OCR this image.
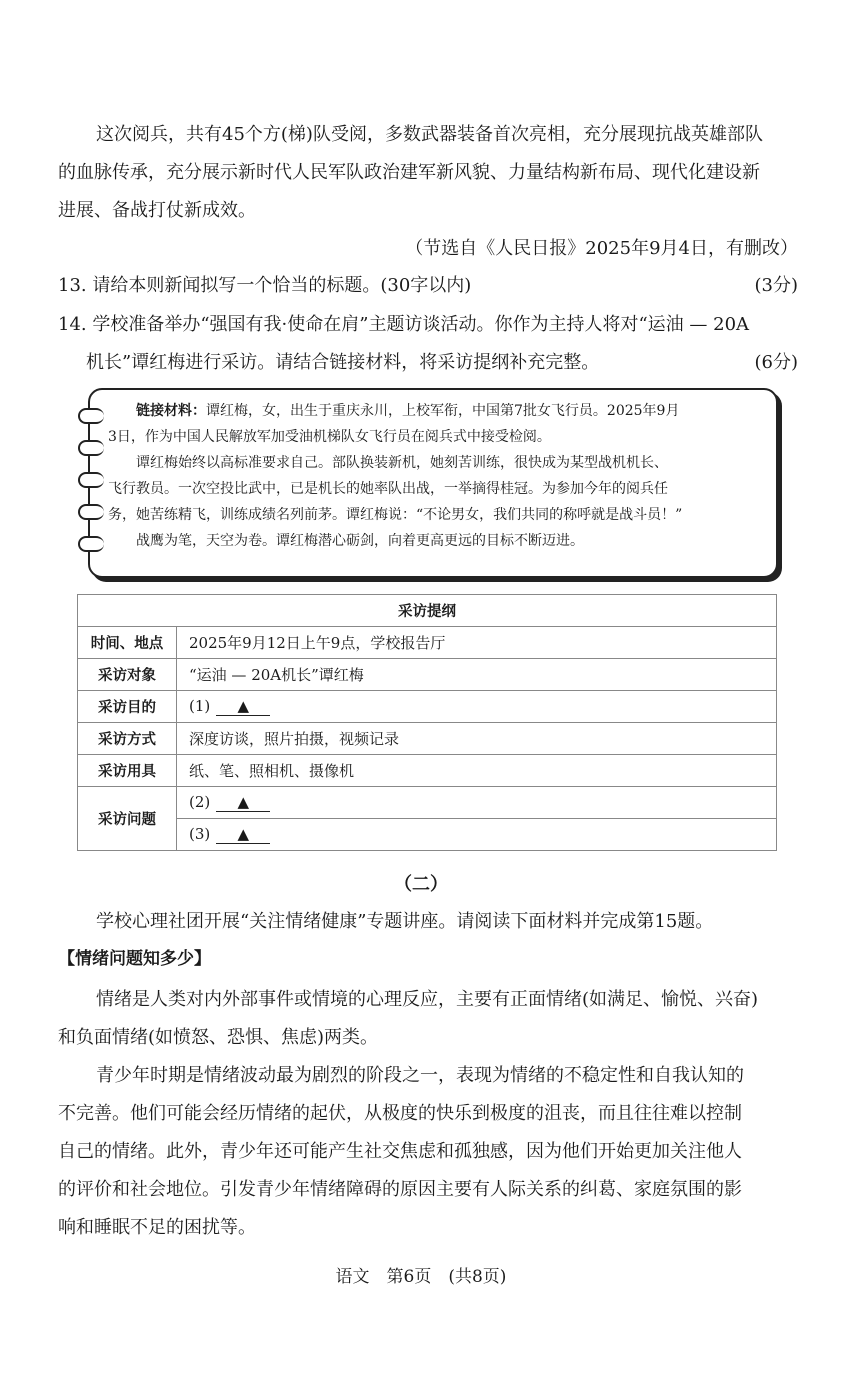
这次阅兵，共有45个方(梯)队受阅，多数武器装备首次亮相，充分展现抗战英雄部队
的血脉传承，充分展示新时代人民军队政治建军新风貌、力量结构新布局、现代化建设新
进展、备战打仗新成效。
（节选自《人民日报》2025年9月4日，有删改）
13. 请给本则新闻拟写一个恰当的标题。(30字以内)	(3分)
14. 学校准备举办“强国有我·使命在肩”主题访谈活动。你作为主持人将对“运油 — 20A
机长”谭红梅进行采访。请结合链接材料，将采访提纲补充完整。	(6分)
链接材料：谭红梅，女，出生于重庆永川，上校军衔，中国第7批女飞行员。2025年9月
3日，作为中国人民解放军加受油机梯队女飞行员在阅兵式中接受检阅。
谭红梅始终以高标准要求自己。部队换装新机，她刻苦训练，很快成为某型战机机长、
飞行教员。一次空投比武中，已是机长的她率队出战，一举摘得桂冠。为参加今年的阅兵任
务，她苦练精飞，训练成绩名列前茅。谭红梅说：“不论男女，我们共同的称呼就是战斗员！”
战鹰为笔，天空为卷。谭红梅潜心砺剑，向着更高更远的目标不断迈进。
采访提纲	
时间、地点	2025年9月12日上午9点，学校报告厅
采访对象	“运油 — 20A机长”谭红梅
采访目的	(1) ▲
采访方式	深度访谈，照片拍摄，视频记录
采访用具	纸、笔、照相机、摄像机
采访问题	(2) ▲
	(3) ▲
（二）
学校心理社团开展“关注情绪健康”专题讲座。请阅读下面材料并完成第15题。
【情绪问题知多少】
情绪是人类对内外部事件或情境的心理反应，主要有正面情绪(如满足、愉悦、兴奋)
和负面情绪(如愤怒、恐惧、焦虑)两类。
青少年时期是情绪波动最为剧烈的阶段之一，表现为情绪的不稳定性和自我认知的
不完善。他们可能会经历情绪的起伏，从极度的快乐到极度的沮丧，而且往往难以控制
自己的情绪。此外，青少年还可能产生社交焦虑和孤独感，因为他们开始更加关注他人
的评价和社会地位。引发青少年情绪障碍的原因主要有人际关系的纠葛、家庭氛围的影
响和睡眠不足的困扰等。
语文　第6页　(共8页)
